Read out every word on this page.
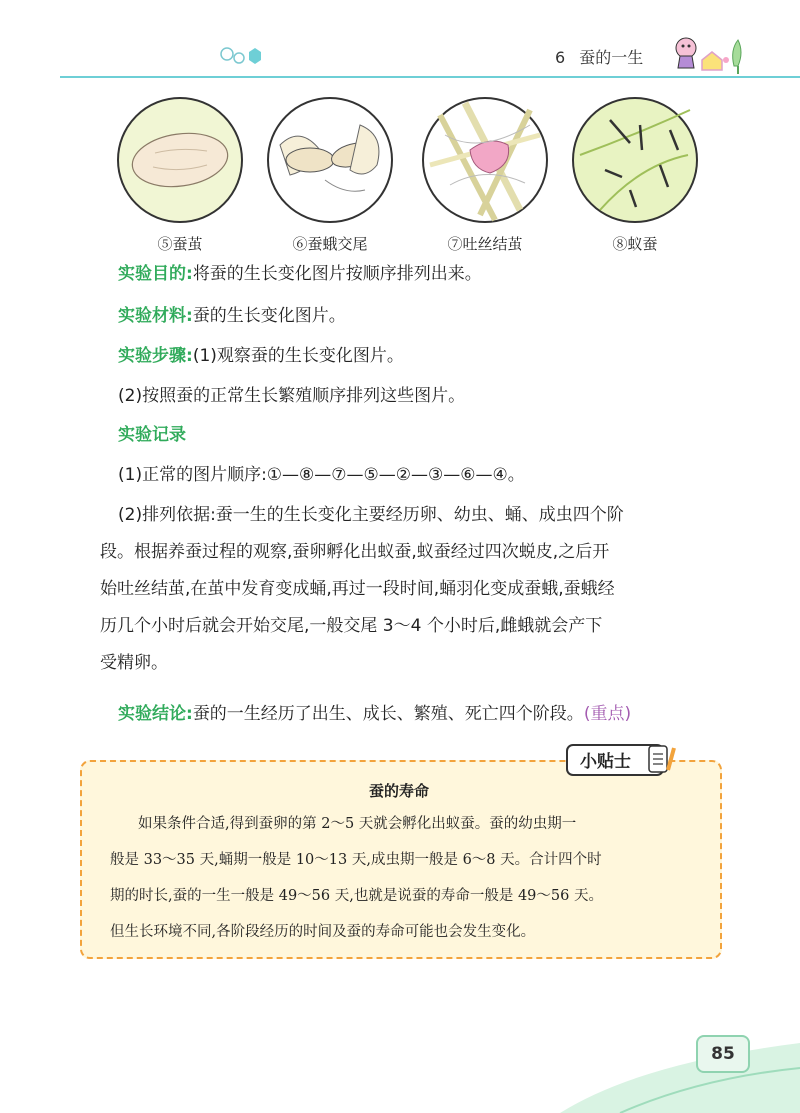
6 蚕的一生
⑤蚕茧	⑥蚕蛾交尾	⑦吐丝结茧	⑧蚁蚕
实验目的:将蚕的生长变化图片按顺序排列出来。
实验材料:蚕的生长变化图片。
实验步骤:(1)观察蚕的生长变化图片。
(2)按照蚕的正常生长繁殖顺序排列这些图片。
实验记录
(1)正常的图片顺序:①—⑧—⑦—⑤—②—③—⑥—④。
(2)排列依据:蚕一生的生长变化主要经历卵、幼虫、蛹、成虫四个阶
段。根据养蚕过程的观察,蚕卵孵化出蚁蚕,蚁蚕经过四次蜕皮,之后开
始吐丝结茧,在茧中发育变成蛹,再过一段时间,蛹羽化变成蚕蛾,蚕蛾经
历几个小时后就会开始交尾,一般交尾 3～4 个小时后,雌蛾就会产下
受精卵。
实验结论:蚕的一生经历了出生、成长、繁殖、死亡四个阶段。(重点)
小贴士
蚕的寿命
如果条件合适,得到蚕卵的第 2～5 天就会孵化出蚁蚕。蚕的幼虫期一
般是 33～35 天,蛹期一般是 10～13 天,成虫期一般是 6～8 天。合计四个时
期的时长,蚕的一生一般是 49～56 天,也就是说蚕的寿命一般是 49～56 天。
但生长环境不同,各阶段经历的时间及蚕的寿命可能也会发生变化。
85
